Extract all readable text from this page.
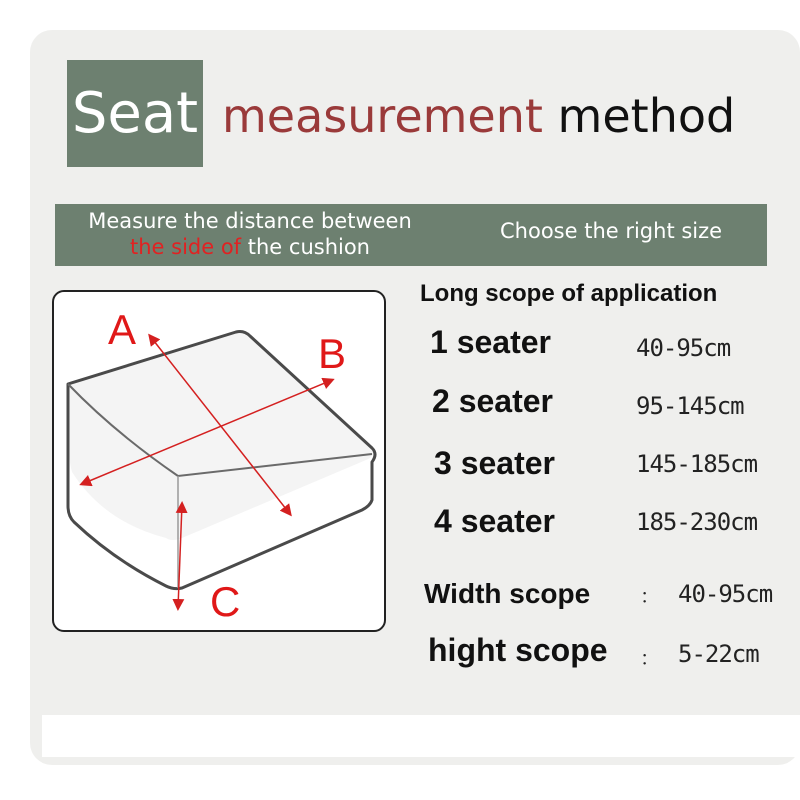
Seat measurement method
Measure the distance between
the side of the cushion
Choose the right size
A
B
C
Long scope of application
1 seater	40-95cm
2 seater	95-145cm
3 seater	145-185cm
4 seater	185-230cm
Width scope ： 40-95cm
hight scope ： 5-22cm
